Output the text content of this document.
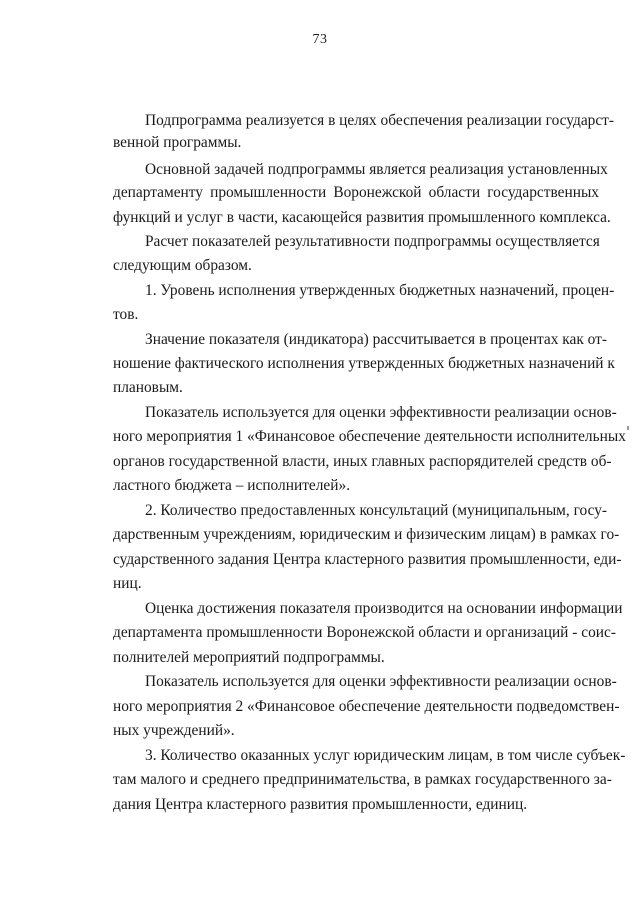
73
Подпрограмма реализуется в целях обеспечения реализации государст-
венной программы.
Основной задачей подпрограммы является реализация установленных
департаменту промышленности Воронежской области государственных
функций и услуг в части, касающейся развития промышленного комплекса.
Расчет показателей результативности подпрограммы осуществляется
следующим образом.
1. Уровень исполнения утвержденных бюджетных назначений, процен-
тов.
Значение показателя (индикатора) рассчитывается в процентах как от-
ношение фактического исполнения утвержденных бюджетных назначений к
плановым.
Показатель используется для оценки эффективности реализации основ-
ного мероприятия 1 «Финансовое обеспечение деятельности исполнительных
органов государственной власти, иных главных распорядителей средств об-
ластного бюджета – исполнителей».
2. Количество предоставленных консультаций (муниципальным, госу-
дарственным учреждениям, юридическим и физическим лицам) в рамках го-
сударственного задания Центра кластерного развития промышленности, еди-
ниц.
Оценка достижения показателя производится на основании информации
департамента промышленности Воронежской области и организаций - соис-
полнителей мероприятий подпрограммы.
Показатель используется для оценки эффективности реализации основ-
ного мероприятия 2 «Финансовое обеспечение деятельности подведомствен-
ных учреждений».
3. Количество оказанных услуг юридическим лицам, в том числе субъек-
там малого и среднего предпринимательства, в рамках государственного за-
дания Центра кластерного развития промышленности, единиц.
